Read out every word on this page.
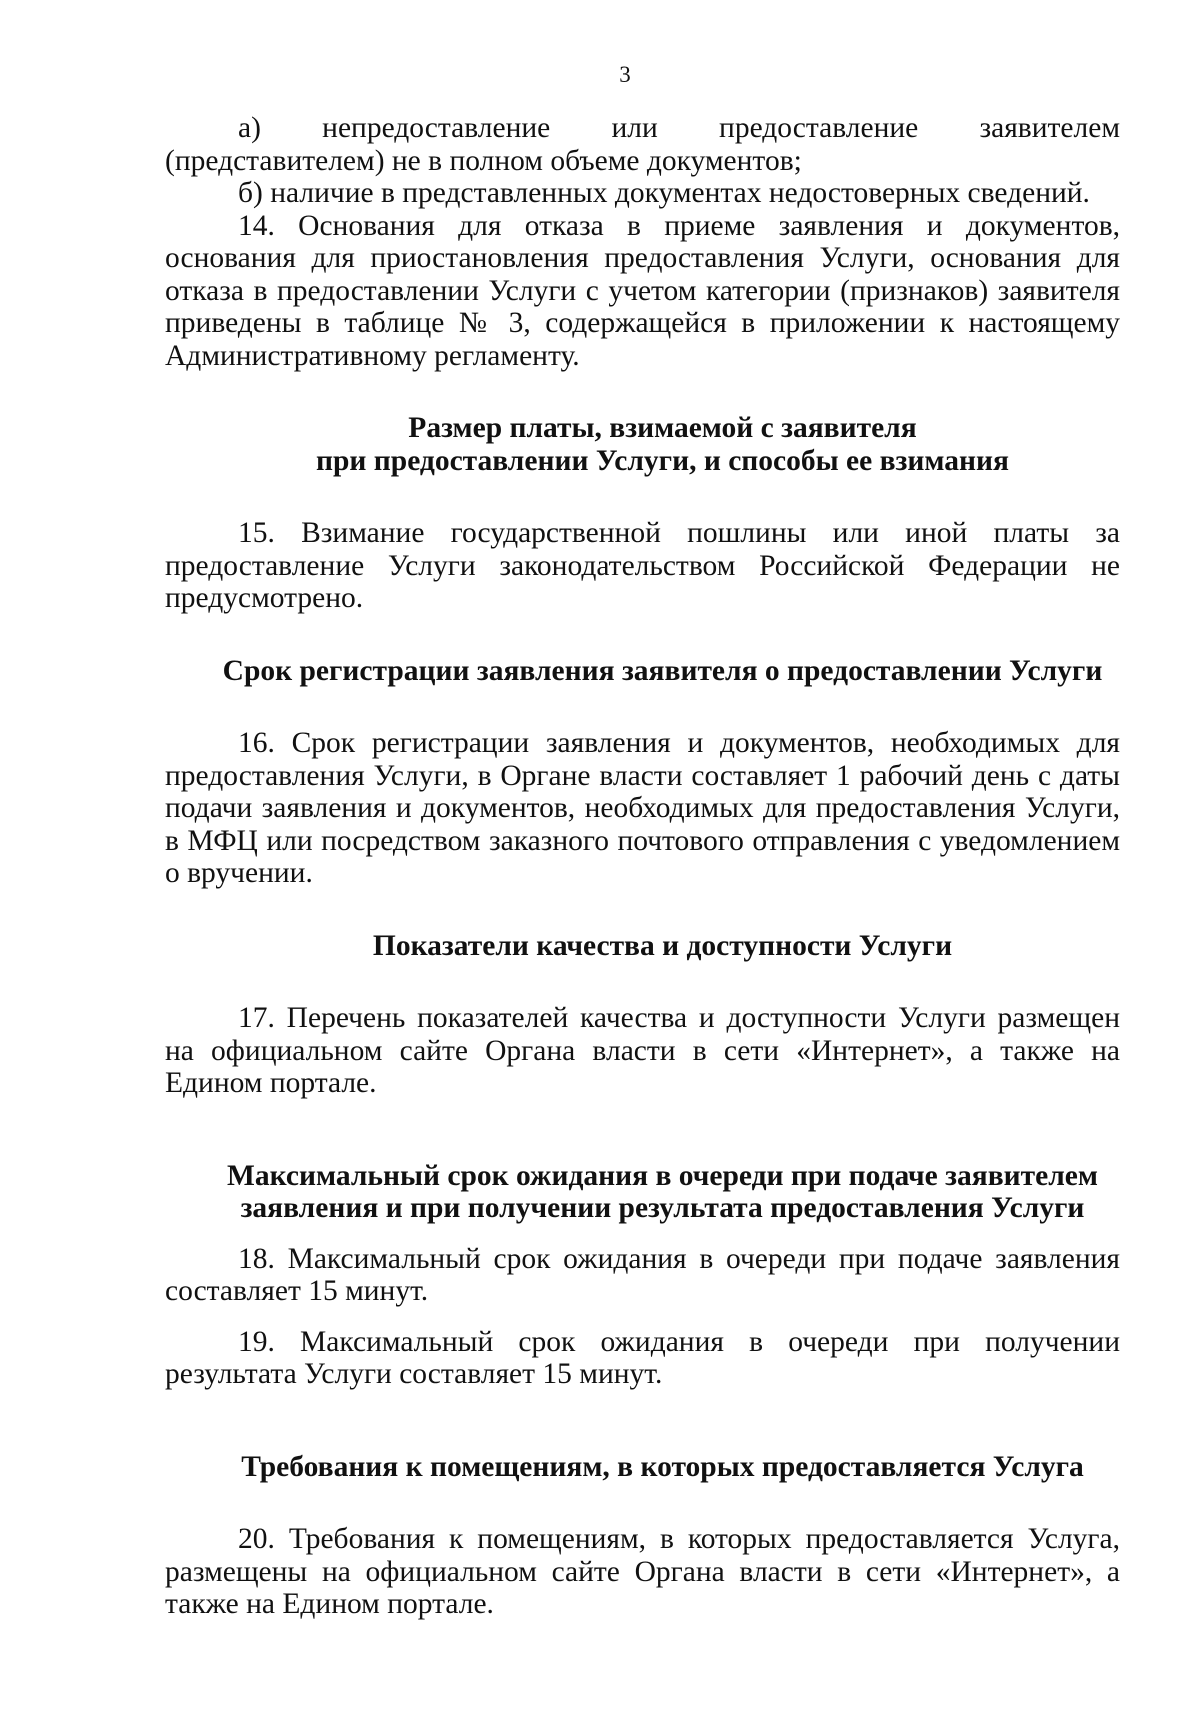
3

а) непредоставление или предоставление заявителем (представителем) не в полном объеме документов;

б) наличие в представленных документах недостоверных сведений.

14. Основания для отказа в приеме заявления и документов, основания для приостановления предоставления Услуги, основания для отказа в предоставлении Услуги с учетом категории (признаков) заявителя приведены в таблице № 3, содержащейся в приложении к настоящему Административному регламенту.

Размер платы, взимаемой с заявителя
при предоставлении Услуги, и способы ее взимания

15. Взимание государственной пошлины или иной платы за предоставление Услуги законодательством Российской Федерации не предусмотрено.

Срок регистрации заявления заявителя о предоставлении Услуги

16. Срок регистрации заявления и документов, необходимых для предоставления Услуги, в Органе власти составляет 1 рабочий день с даты подачи заявления и документов, необходимых для предоставления Услуги, в МФЦ или посредством заказного почтового отправления с уведомлением о вручении.

Показатели качества и доступности Услуги

17. Перечень показателей качества и доступности Услуги размещен на официальном сайте Органа власти в сети «Интернет», а также на Едином портале.

Максимальный срок ожидания в очереди при подаче заявителем
заявления и при получении результата предоставления Услуги

18. Максимальный срок ожидания в очереди при подаче заявления составляет 15 минут.

19. Максимальный срок ожидания в очереди при получении результата Услуги составляет 15 минут.

Требования к помещениям, в которых предоставляется Услуга

20. Требования к помещениям, в которых предоставляется Услуга, размещены на официальном сайте Органа власти в сети «Интернет», а также на Едином портале.
